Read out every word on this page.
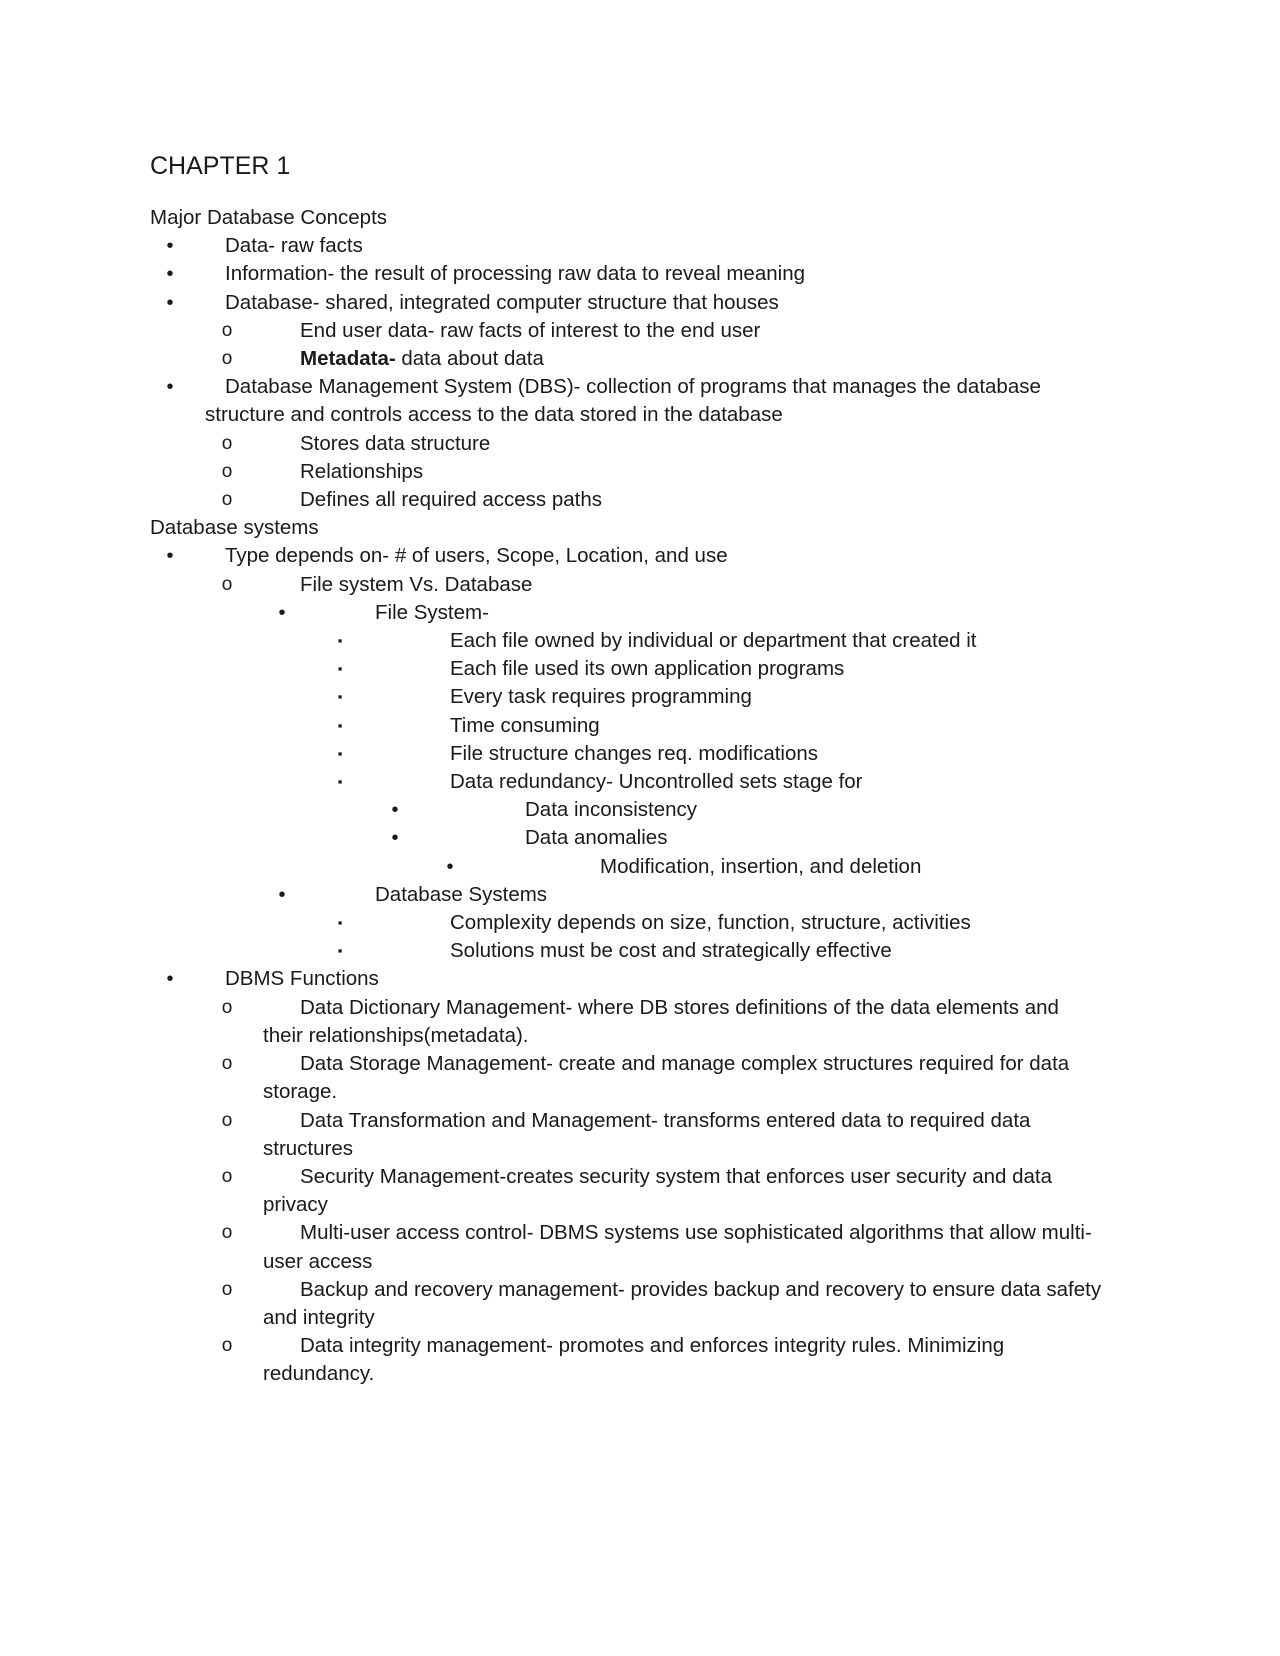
CHAPTER 1
Major Database Concepts
•	Data- raw facts
•	Information- the result of processing raw data to reveal meaning
•	Database- shared, integrated computer structure that houses
o	End user data- raw facts of interest to the end user
o	Metadata- data about data
•	Database Management System (DBS)- collection of programs that manages the database
structure and controls access to the data stored in the database
o	Stores data structure
o	Relationships
o	Defines all required access paths
Database systems
•	Type depends on- # of users, Scope, Location, and use
o	File system Vs. Database
•	File System-
▪	Each file owned by individual or department that created it
▪	Each file used its own application programs
▪	Every task requires programming
▪	Time consuming
▪	File structure changes req. modifications
▪	Data redundancy- Uncontrolled sets stage for
•	Data inconsistency
•	Data anomalies
•	Modification, insertion, and deletion
•	Database Systems
▪	Complexity depends on size, function, structure, activities
▪	Solutions must be cost and strategically effective
•	DBMS Functions
o	Data Dictionary Management- where DB stores definitions of the data elements and
their relationships(metadata).
o	Data Storage Management- create and manage complex structures required for data
storage.
o	Data Transformation and Management- transforms entered data to required data
structures
o	Security Management-creates security system that enforces user security and data
privacy
o	Multi-user access control- DBMS systems use sophisticated algorithms that allow multi-
user access
o	Backup and recovery management- provides backup and recovery to ensure data safety
and integrity
o	Data integrity management- promotes and enforces integrity rules. Minimizing
redundancy.
